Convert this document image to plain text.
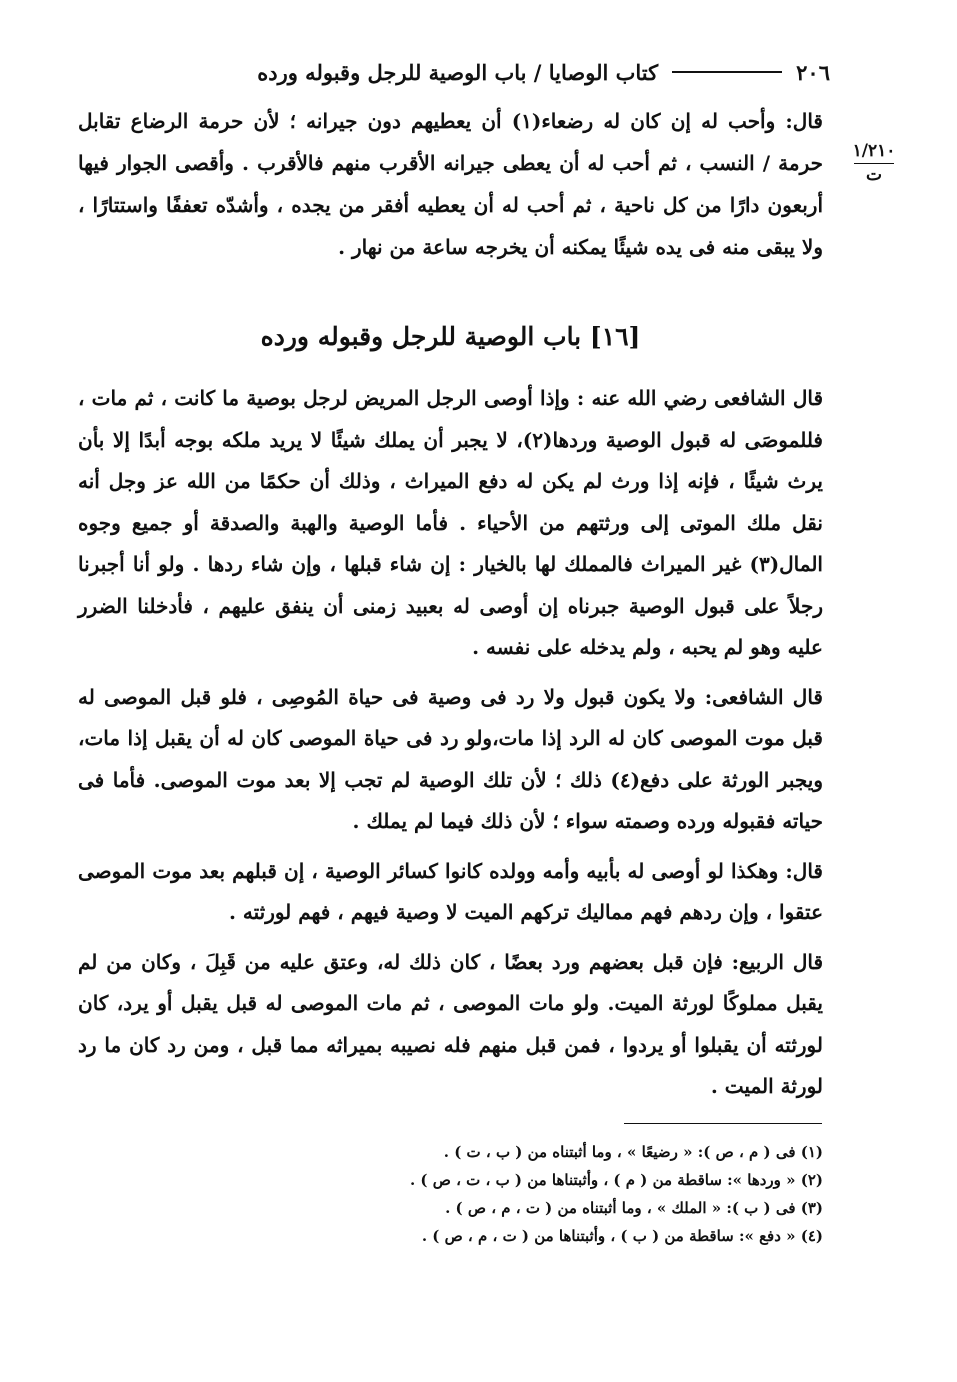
٢٠٦
كتاب الوصايا / باب الوصية للرجل وقبوله ورده
١/٢١٠
ت

قال: وأحب له إن كان له رضعاء(١) أن يعطيهم دون جيرانه ؛ لأن حرمة الرضاع تقابل حرمة / النسب ، ثم أحب له أن يعطى جيرانه الأقرب منهم فالأقرب . وأقصى الجوار فيها أربعون دارًا من كل ناحية ، ثم أحب له أن يعطيه أفقر من يجده ، وأشدّه تعففًا واستتارًا ، ولا يبقى منه فى يده شيئًا يمكنه أن يخرجه ساعة من نهار .

[١٦] باب الوصية للرجل وقبوله ورده

قال الشافعى رضي الله عنه : وإذا أوصى الرجل المريض لرجل بوصية ما كانت ، ثم مات ، فللموصَى له قبول الوصية وردها(٢)، لا يجبر أن يملك شيئًا لا يريد ملكه بوجه أبدًا إلا بأن يرث شيئًا ، فإنه إذا ورث لم يكن له دفع الميراث ، وذلك أن حكمًا من الله عز وجل أنه نقل ملك الموتى إلى ورثتهم من الأحياء . فأما الوصية والهبة والصدقة أو جميع وجوه المال(٣) غير الميراث فالمملك لها بالخيار : إن شاء قبلها ، وإن شاء ردها . ولو أنا أجبرنا رجلاً على قبول الوصية جبرناه إن أوصى له بعبيد زمنى أن ينفق عليهم ، فأدخلنا الضرر عليه وهو لم يحبه ، ولم يدخله على نفسه .

قال الشافعى: ولا يكون قبول ولا رد فى وصية فى حياة المُوصِى ، فلو قبل الموصى له قبل موت الموصى كان له الرد إذا مات،ولو رد فى حياة الموصى كان له أن يقبل إذا مات، ويجبر الورثة على دفع(٤) ذلك ؛ لأن تلك الوصية لم تجب إلا بعد موت الموصى. فأما فى حياته فقبوله ورده وصمته سواء ؛ لأن ذلك فيما لم يملك .

قال: وهكذا لو أوصى له بأبيه وأمه وولده كانوا كسائر الوصية ، إن قبلهم بعد موت الموصى عتقوا ، وإن ردهم فهم مماليك تركهم الميت لا وصية فيهم ، فهم لورثته .

قال الربيع: فإن قبل بعضهم ورد بعضًا ، كان ذلك له، وعتق عليه من قَبِلَ ، وكان من لم يقبل مملوكًا لورثة الميت. ولو مات الموصى ، ثم مات الموصى له قبل يقبل أو يرد، كان لورثته أن يقبلوا أو يردوا ، فمن قبل منهم فله نصيبه بميراثه مما قبل ، ومن رد كان ما رد لورثة الميت .

(١) فى ( م ، ص ): « رضيعًا » ، وما أثبتناه من ( ب ، ت ) .
(٢) « وردها »: ساقطة من ( م ) ، وأثبتناها من ( ب ، ت ، ص ) .
(٣) فى ( ب ): « الملك » ، وما أثبتناه من ( ت ، م ، ص ) .
(٤) « دفع »: ساقطة من ( ب ) ، وأثبتناها من ( ت ، م ، ص ) .
